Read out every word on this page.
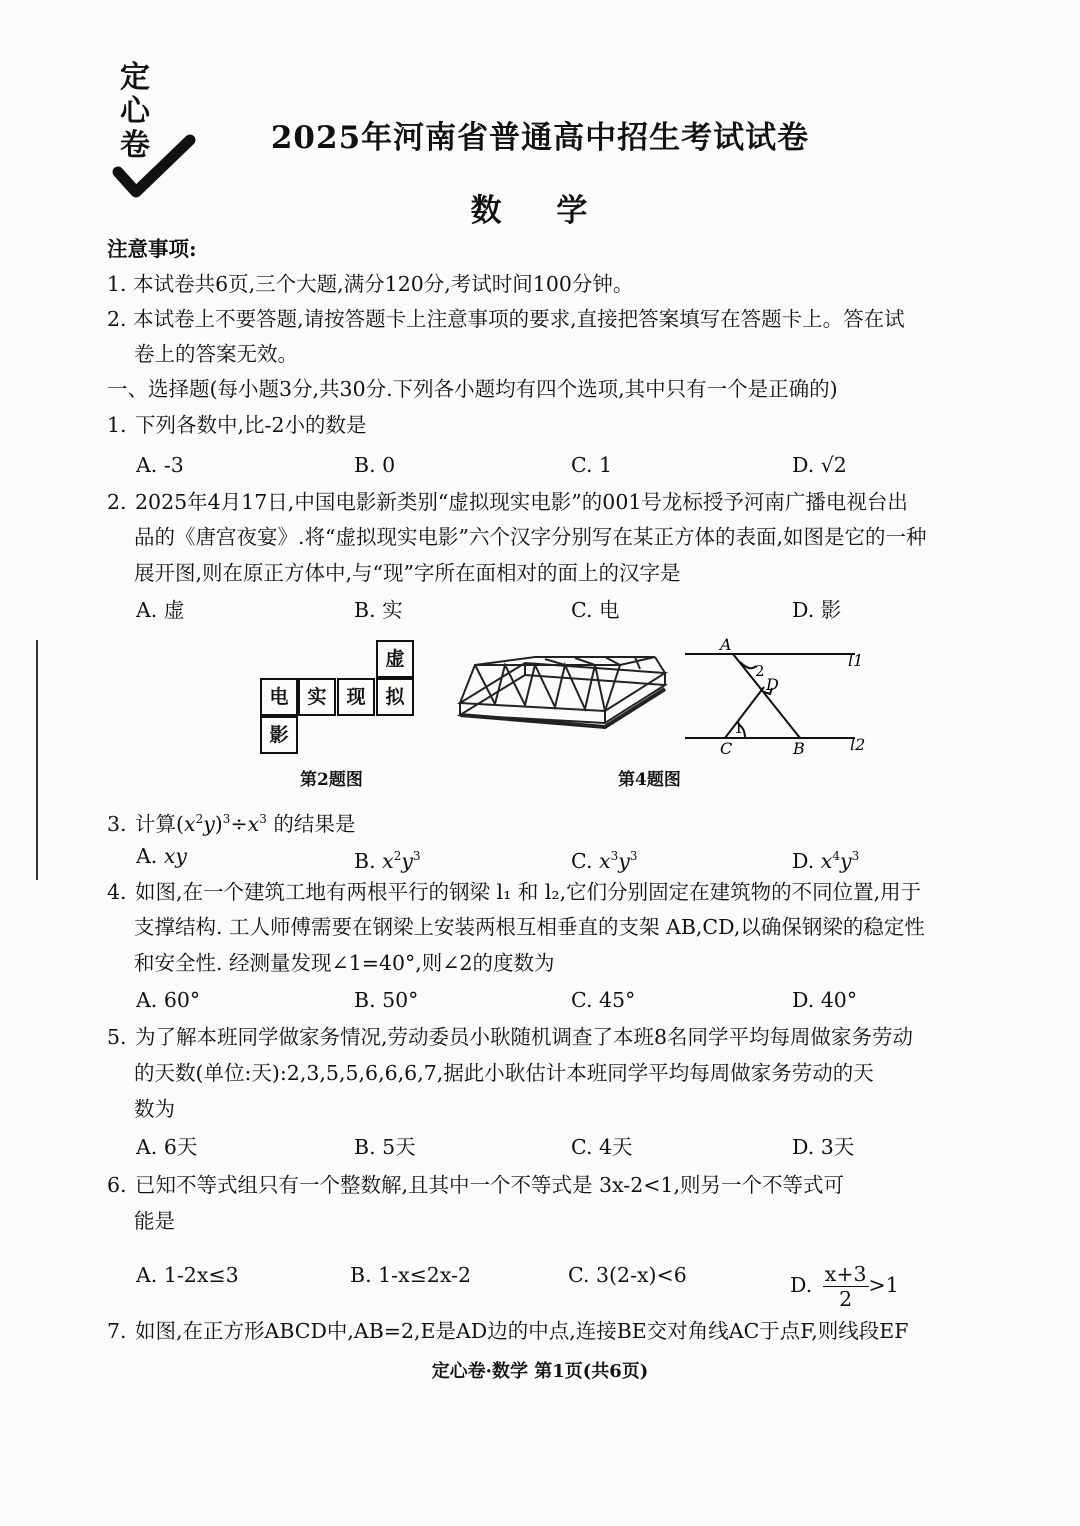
定
心
卷	2025年河南省普通高中招生考试试卷
数 学
注意事项:
1. 本试卷共6页,三个大题,满分120分,考试时间100分钟。
2. 本试卷上不要答题,请按答题卡上注意事项的要求,直接把答案填写在答题卡上。答在试
卷上的答案无效。
一、选择题(每小题3分,共30分.下列各小题均有四个选项,其中只有一个是正确的)
1. 下列各数中,比-2小的数是
A. -3	B. 0	C. 1	D. √2
2. 2025年4月17日,中国电影新类别“虚拟现实电影”的001号龙标授予河南广播电视台出
品的《唐宫夜宴》.将“虚拟现实电影”六个汉字分别写在某正方体的表面,如图是它的一种
展开图,则在原正方体中,与“现”字所在面相对的面上的汉字是
A. 虚	B. 实	C. 电	D. 影
虚
电 实	现	拟
影
第2题图
A
B
C
D
l1
l2
2
1
第4题图
3. 计算$(x^2y)^3\div x^3$ 的结果是
A. xy	B. $x^2y^3$	C. $x^3y^3$	D. $x^4y^3$
4. 如图,在一个建筑工地有两根平行的钢梁 l₁ 和 l₂,它们分别固定在建筑物的不同位置,用于
支撑结构. 工人师傅需要在钢梁上安装两根互相垂直的支架 AB,CD,以确保钢梁的稳定性
和安全性. 经测量发现∠1=40°,则∠2的度数为
A. 60°	B. 50°	C. 45°	D. 40°
5. 为了解本班同学做家务情况,劳动委员小耿随机调查了本班8名同学平均每周做家务劳动
的天数(单位:天):2,3,5,5,6,6,6,7,据此小耿估计本班同学平均每周做家务劳动的天
数为
A. 6天	B. 5天	C. 4天	D. 3天
6. 已知不等式组只有一个整数解,且其中一个不等式是 3x-2<1,则另一个不等式可
能是
A. 1-2x≤3	B. 1-x≤2x-2	C. 3(2-x)<6	D. $\frac{x+3}{2} >1$
7. 如图,在正方形ABCD中,AB=2,E是AD边的中点,连接BE交对角线AC于点F,则线段EF
定心卷·数学 第1页(共6页)
